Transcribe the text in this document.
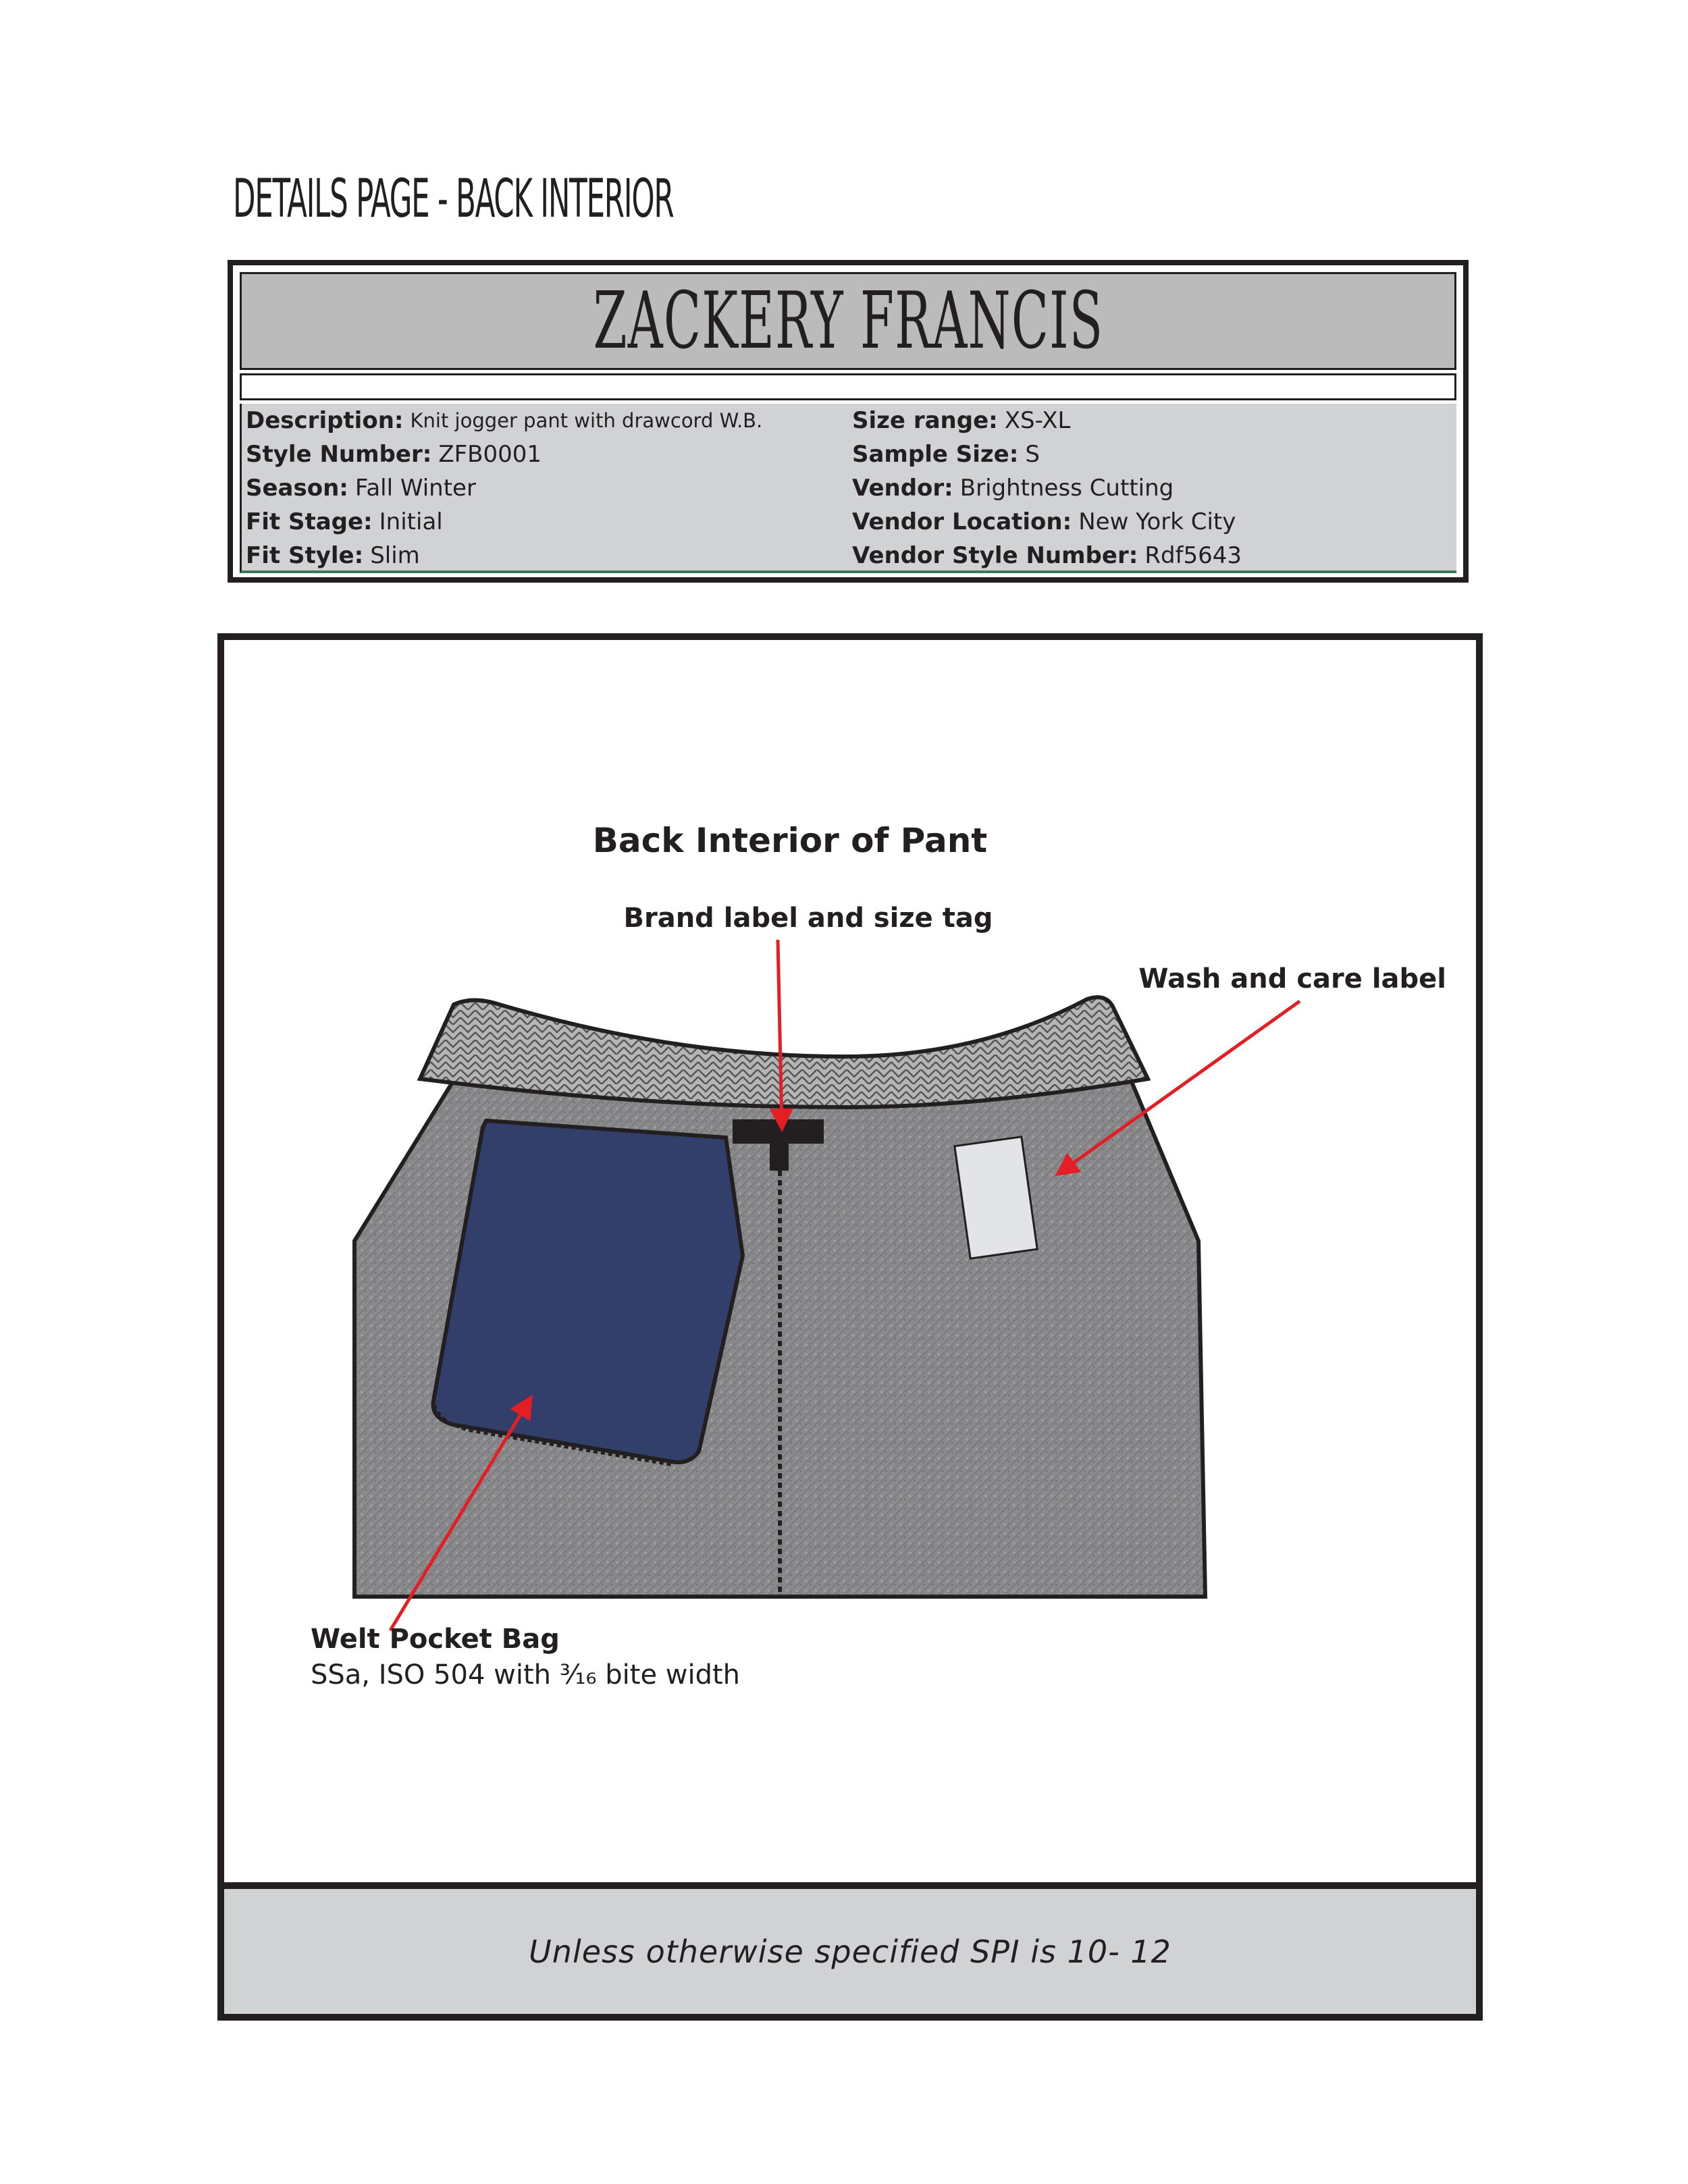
DETAILS PAGE - BACK INTERIOR
ZACKERY FRANCIS
Description: Knit jogger pant with drawcord W.B.
Style Number: ZFB0001
Season: Fall Winter
Fit Stage: Initial
Fit Style: Slim
Size range: XS-XL
Sample Size: S
Vendor: Brightness Cutting
Vendor Location: New York City
Vendor Style Number: Rdf5643
Unless otherwise specified SPI is 10- 12
Back Interior of Pant
Brand label and size tag
Wash and care label
Welt Pocket Bag
SSa, ISO 504 with ³⁄₁₆ bite width
